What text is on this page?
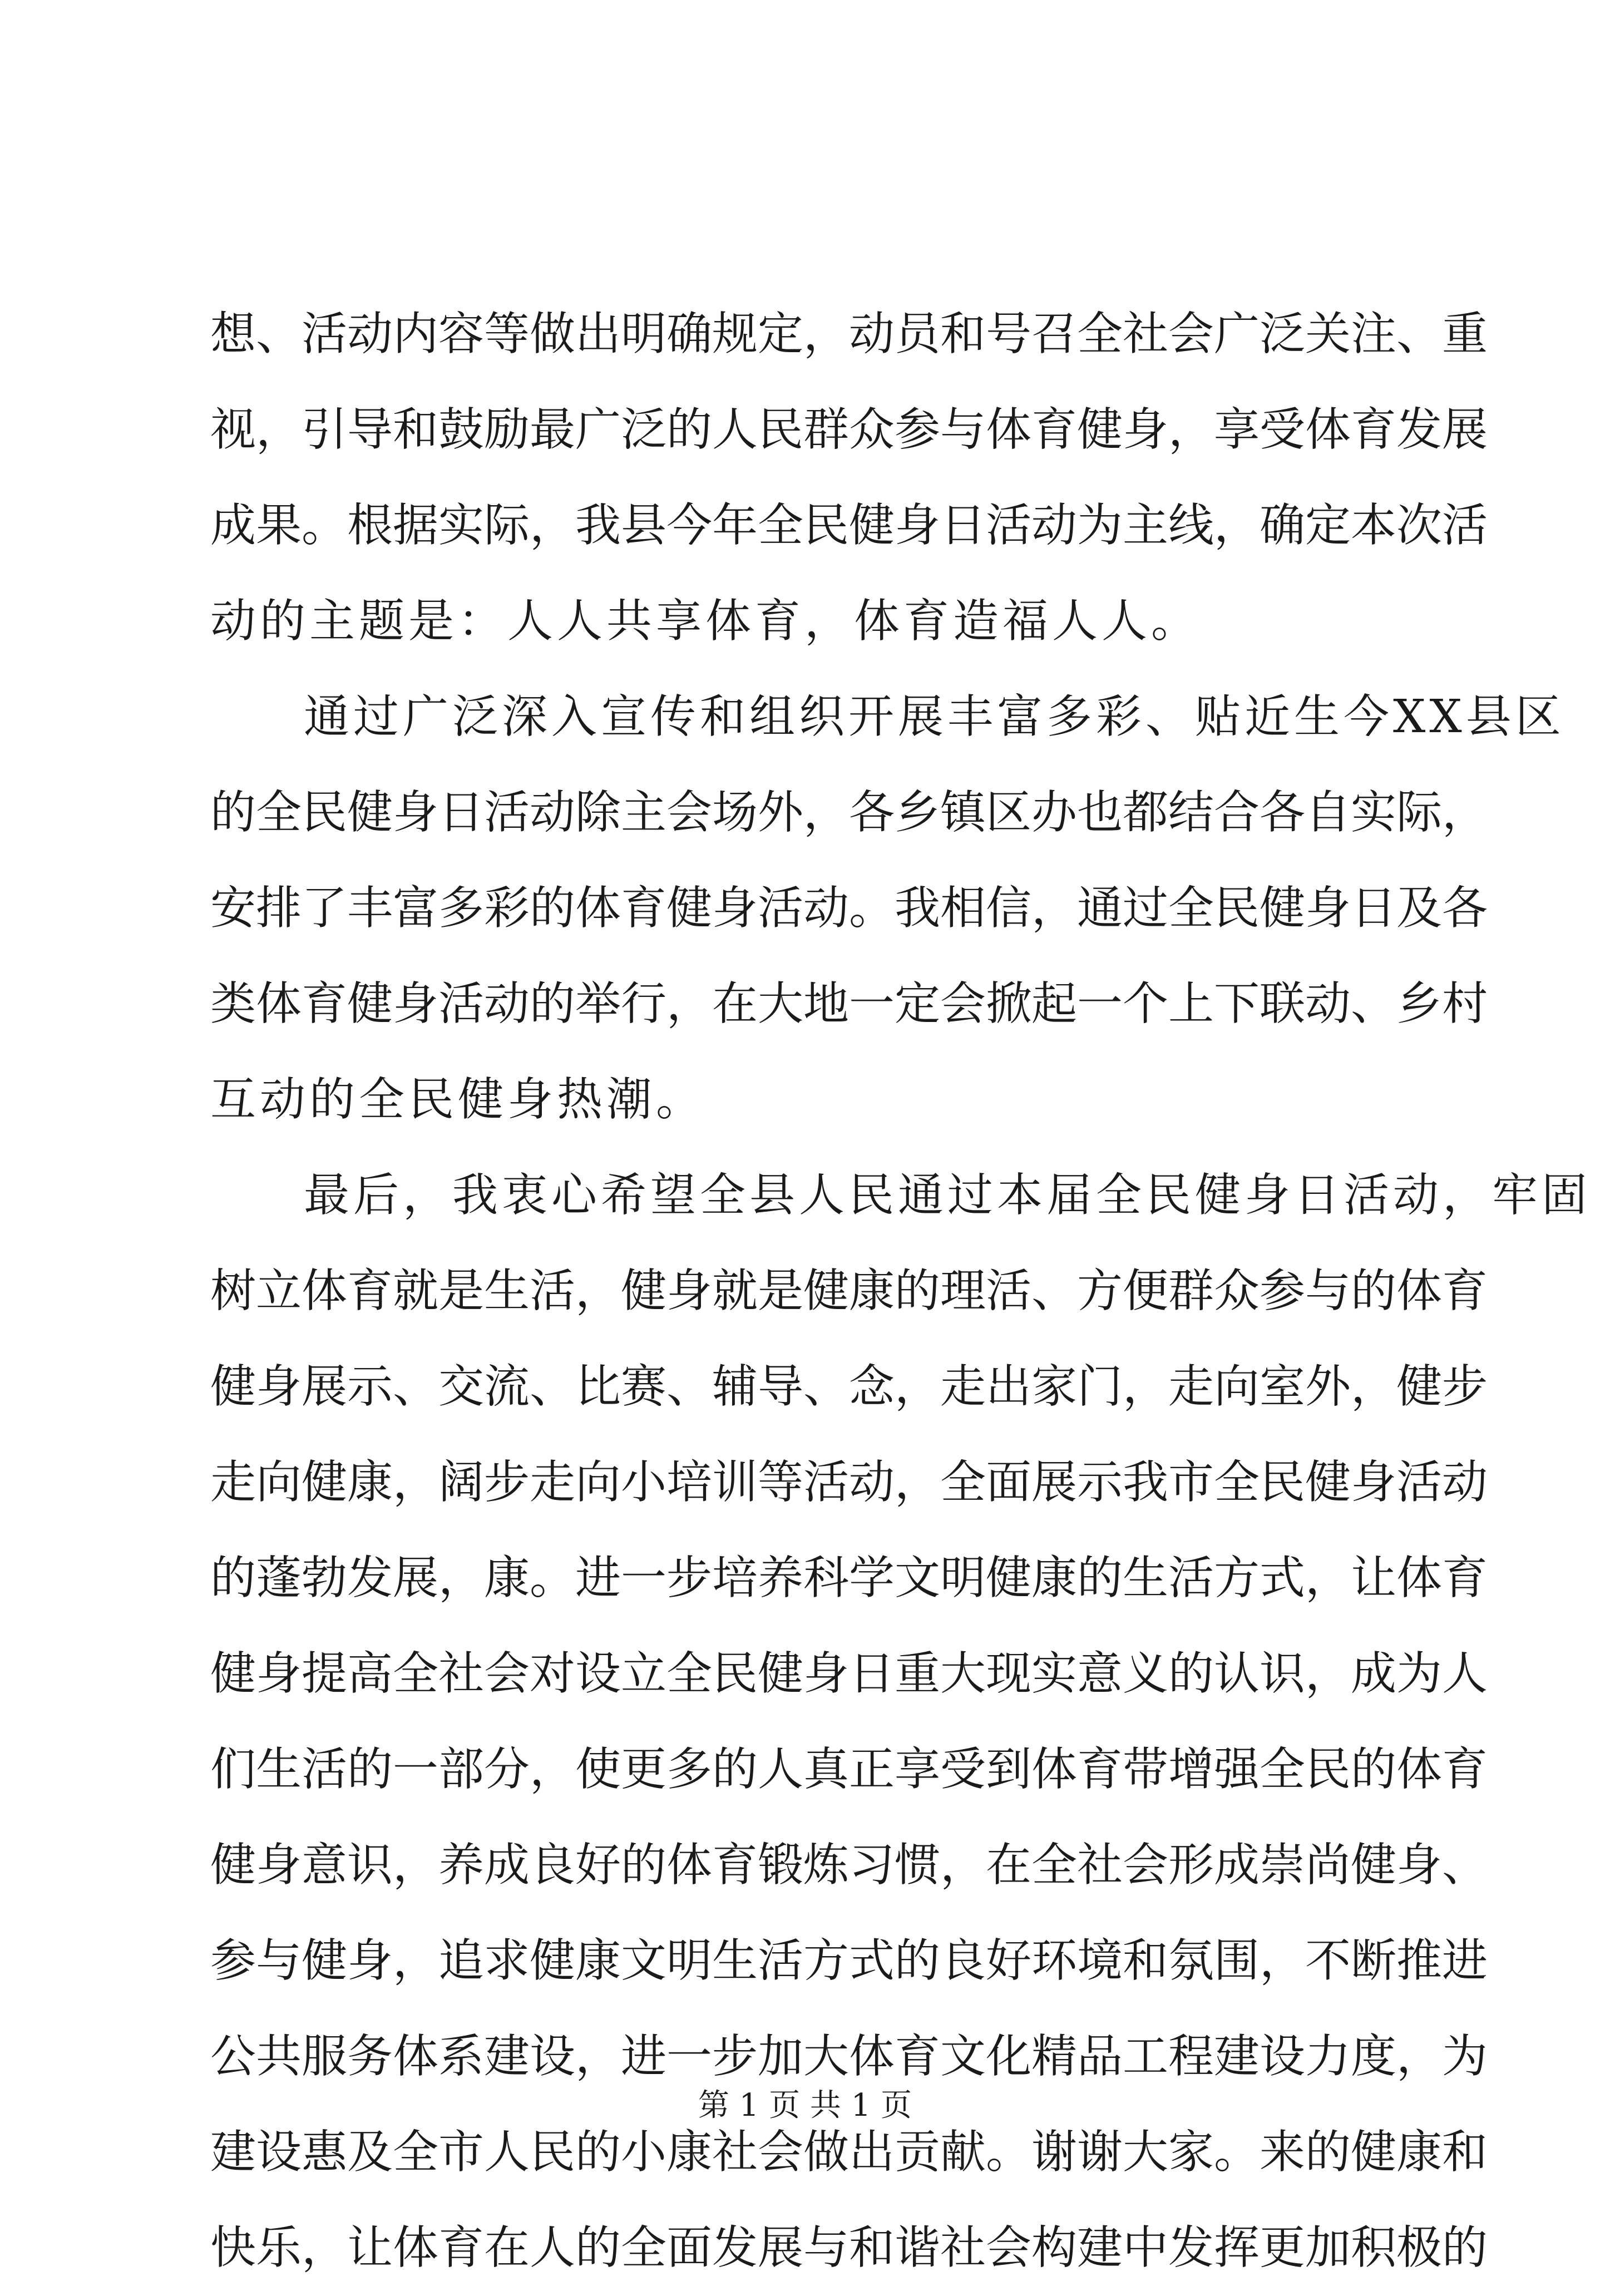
想、活动内容等做出明确规定，动员和号召全社会广泛关注、重
视，引导和鼓励最广泛的人民群众参与体育健身，享受体育发展
成果。根据实际，我县今年全民健身日活动为主线，确定本次活
动的主题是：人人共享体育，体育造福人人。
通过广泛深入宣传和组织开展丰富多彩、贴近生今XX县区
的全民健身日活动除主会场外，各乡镇区办也都结合各自实际，
安排了丰富多彩的体育健身活动。我相信，通过全民健身日及各
类体育健身活动的举行，在大地一定会掀起一个上下联动、乡村
互动的全民健身热潮。
最后，我衷心希望全县人民通过本届全民健身日活动，牢固
树立体育就是生活，健身就是健康的理活、方便群众参与的体育
健身展示、交流、比赛、辅导、念，走出家门，走向室外，健步
走向健康，阔步走向小培训等活动，全面展示我市全民健身活动
的蓬勃发展，康。进一步培养科学文明健康的生活方式，让体育
健身提高全社会对设立全民健身日重大现实意义的认识，成为人
们生活的一部分，使更多的人真正享受到体育带增强全民的体育
健身意识，养成良好的体育锻炼习惯，在全社会形成崇尚健身、
参与健身，追求健康文明生活方式的良好环境和氛围，不断推进
公共服务体系建设，进一步加大体育文化精品工程建设力度，为
建设惠及全市人民的小康社会做出贡献。谢谢大家。来的健康和
快乐，让体育在人的全面发展与和谐社会构建中发挥更加积极的
第 1 页 共 1 页
